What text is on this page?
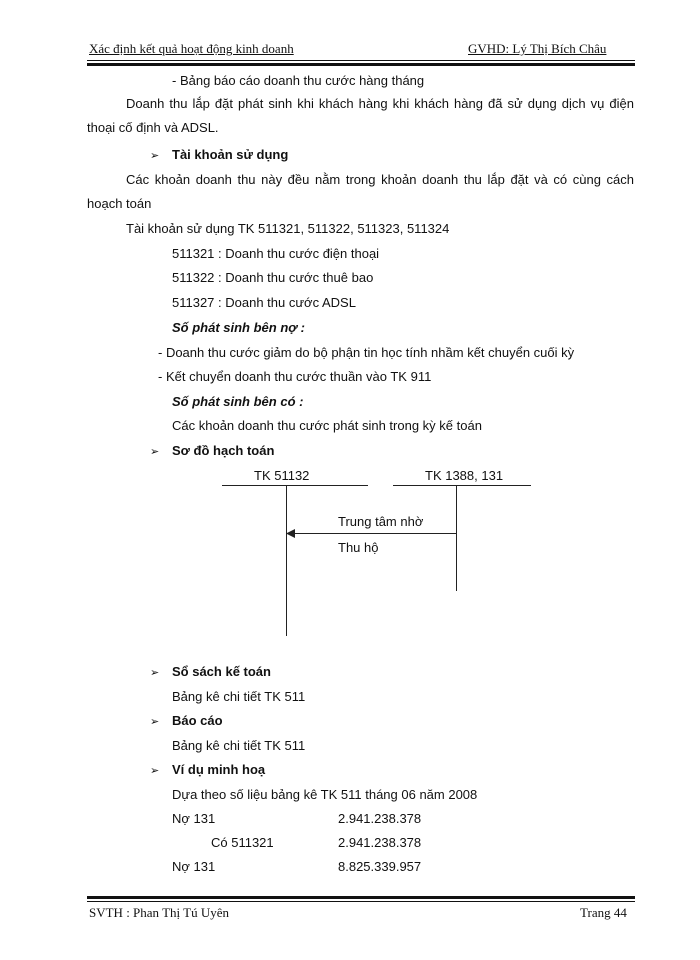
Xác định kết quả hoạt động kinh doanh	GVHD: Lý Thị Bích Châu
- Bảng báo cáo doanh thu cước hàng tháng
Doanh thu lắp đặt phát sinh khi khách hàng khi khách hàng đã sử dụng dịch vụ điện
thoại cố định và ADSL.
➢ Tài khoản sử dụng
Các khoản doanh thu này đều nằm trong khoản doanh thu lắp đặt và có cùng cách
hoạch toán
Tài khoản sử dụng TK 511321, 511322, 511323, 511324
511321 : Doanh thu cước điện thoại
511322 : Doanh thu cước thuê bao
511327 : Doanh thu cước ADSL
Số phát sinh bên nợ :
- Doanh thu cước giảm do bộ phận tin học tính nhầm kết chuyển cuối kỳ
- Kết chuyển doanh thu cước thuần vào TK 911
Số phát sinh bên có :
Các khoản doanh thu cước phát sinh trong kỳ kế toán
➢ Sơ đồ hạch toán
TK 51132	TK 1388, 131
Trung tâm nhờ
Thu hộ
➢ Sổ sách kế toán
Bảng kê chi tiết TK 511
➢ Báo cáo
Bảng kê chi tiết TK 511
➢ Ví dụ minh hoạ
Dựa theo số liệu bảng kê TK 511 tháng 06 năm 2008
Nợ 131	2.941.238.378
Có 511321	2.941.238.378
Nợ 131	8.825.339.957
SVTH : Phan Thị Tú Uyên	Trang 44
